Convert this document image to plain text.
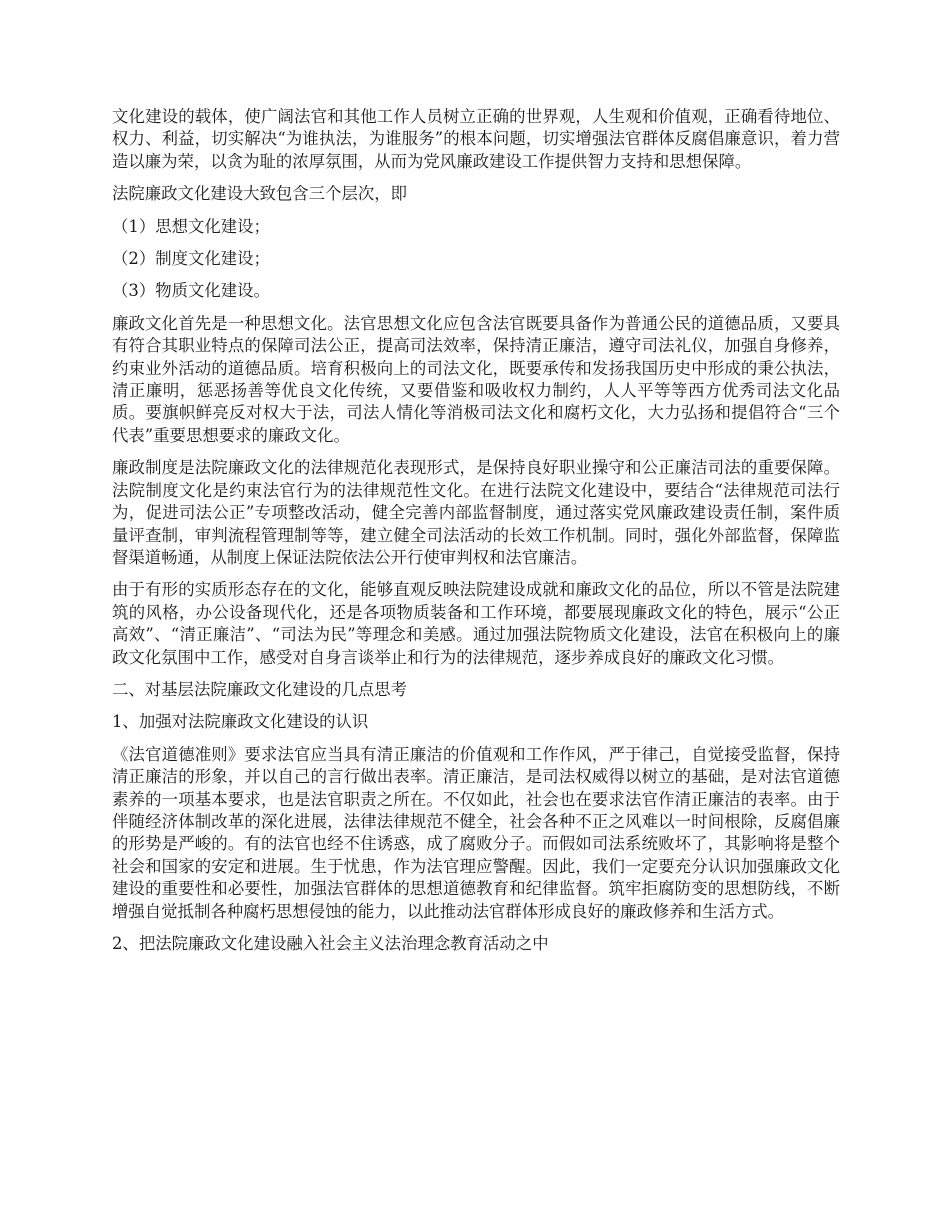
文化建设的载体，使广阔法官和其他工作人员树立正确的世界观，人生观和价值观，正确看待地位、权力、利益，切实解决“为谁执法，为谁服务”的根本问题，切实增强法官群体反腐倡廉意识，着力营造以廉为荣，以贪为耻的浓厚氛围，从而为党风廉政建设工作提供智力支持和思想保障。

法院廉政文化建设大致包含三个层次，即

（1）思想文化建设；

（2）制度文化建设；

（3）物质文化建设。

廉政文化首先是一种思想文化。法官思想文化应包含法官既要具备作为普通公民的道德品质，又要具有符合其职业特点的保障司法公正，提高司法效率，保持清正廉洁，遵守司法礼仪，加强自身修养，约束业外活动的道德品质。培育积极向上的司法文化，既要承传和发扬我国历史中形成的秉公执法，清正廉明，惩恶扬善等优良文化传统，又要借鉴和吸收权力制约，人人平等等西方优秀司法文化品质。要旗帜鲜亮反对权大于法，司法人情化等消极司法文化和腐朽文化，大力弘扬和提倡符合“三个代表”重要思想要求的廉政文化。

廉政制度是法院廉政文化的法律规范化表现形式，是保持良好职业操守和公正廉洁司法的重要保障。法院制度文化是约束法官行为的法律规范性文化。在进行法院文化建设中，要结合“法律规范司法行为，促进司法公正”专项整改活动，健全完善内部监督制度，通过落实党风廉政建设责任制，案件质量评查制，审判流程管理制等等，建立健全司法活动的长效工作机制。同时，强化外部监督，保障监督渠道畅通，从制度上保证法院依法公开行使审判权和法官廉洁。

由于有形的实质形态存在的文化，能够直观反映法院建设成就和廉政文化的品位，所以不管是法院建筑的风格，办公设备现代化，还是各项物质装备和工作环境，都要展现廉政文化的特色，展示“公正高效”、“清正廉洁”、“司法为民”等理念和美感。通过加强法院物质文化建设，法官在积极向上的廉政文化氛围中工作，感受对自身言谈举止和行为的法律规范，逐步养成良好的廉政文化习惯。

二、对基层法院廉政文化建设的几点思考

1、加强对法院廉政文化建设的认识

《法官道德准则》要求法官应当具有清正廉洁的价值观和工作作风，严于律己，自觉接受监督，保持清正廉洁的形象，并以自己的言行做出表率。清正廉洁，是司法权威得以树立的基础，是对法官道德素养的一项基本要求，也是法官职责之所在。不仅如此，社会也在要求法官作清正廉洁的表率。由于伴随经济体制改革的深化进展，法律法律规范不健全，社会各种不正之风难以一时间根除，反腐倡廉的形势是严峻的。有的法官也经不住诱惑，成了腐败分子。而假如司法系统败坏了，其影响将是整个社会和国家的安定和进展。生于忧患，作为法官理应警醒。因此，我们一定要充分认识加强廉政文化建设的重要性和必要性，加强法官群体的思想道德教育和纪律监督。筑牢拒腐防变的思想防线，不断增强自觉抵制各种腐朽思想侵蚀的能力，以此推动法官群体形成良好的廉政修养和生活方式。

2、把法院廉政文化建设融入社会主义法治理念教育活动之中
